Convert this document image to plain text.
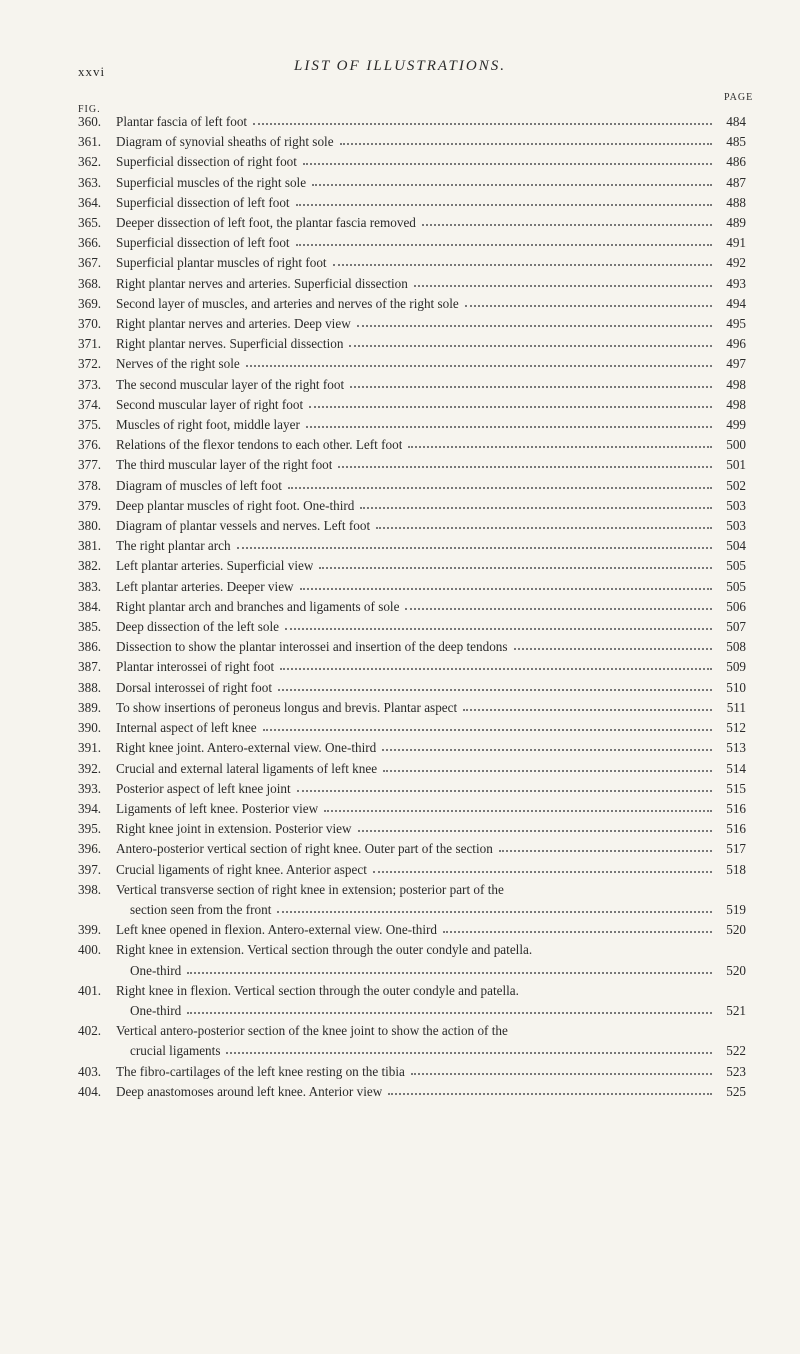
xxvi	LIST OF ILLUSTRATIONS.
FIG.
PAGE
360.	Plantar fascia of left foot	484
361.	Diagram of synovial sheaths of right sole	485
362.	Superficial dissection of right foot	486
363.	Superficial muscles of the right sole	487
364.	Superficial dissection of left foot	488
365.	Deeper dissection of left foot, the plantar fascia removed	489
366.	Superficial dissection of left foot	491
367.	Superficial plantar muscles of right foot	492
368.	Right plantar nerves and arteries. Superficial dissection	493
369.	Second layer of muscles, and arteries and nerves of the right sole	494
370.	Right plantar nerves and arteries. Deep view	495
371.	Right plantar nerves. Superficial dissection	496
372.	Nerves of the right sole	497
373.	The second muscular layer of the right foot	498
374.	Second muscular layer of right foot	498
375.	Muscles of right foot, middle layer	499
376.	Relations of the flexor tendons to each other. Left foot	500
377.	The third muscular layer of the right foot	501
378.	Diagram of muscles of left foot	502
379.	Deep plantar muscles of right foot. One-third	503
380.	Diagram of plantar vessels and nerves. Left foot	503
381.	The right plantar arch	504
382.	Left plantar arteries. Superficial view	505
383.	Left plantar arteries. Deeper view	505
384.	Right plantar arch and branches and ligaments of sole	506
385.	Deep dissection of the left sole	507
386.	Dissection to show the plantar interossei and insertion of the deep tendons	508
387.	Plantar interossei of right foot	509
388.	Dorsal interossei of right foot	510
389.	To show insertions of peroneus longus and brevis. Plantar aspect	511
390.	Internal aspect of left knee	512
391.	Right knee joint. Antero-external view. One-third	513
392.	Crucial and external lateral ligaments of left knee	514
393.	Posterior aspect of left knee joint	515
394.	Ligaments of left knee. Posterior view	516
395.	Right knee joint in extension. Posterior view	516
396.	Antero-posterior vertical section of right knee. Outer part of the section	517
397.	Crucial ligaments of right knee. Anterior aspect	518
398.	Vertical transverse section of right knee in extension; posterior part of the
section seen from the front	519
399.	Left knee opened in flexion. Antero-external view. One-third	520
400.	Right knee in extension. Vertical section through the outer condyle and patella.
One-third	520
401.	Right knee in flexion. Vertical section through the outer condyle and patella.
One-third	521
402.	Vertical antero-posterior section of the knee joint to show the action of the
crucial ligaments	522
403.	The fibro-cartilages of the left knee resting on the tibia	523
404.	Deep anastomoses around left knee. Anterior view	525
